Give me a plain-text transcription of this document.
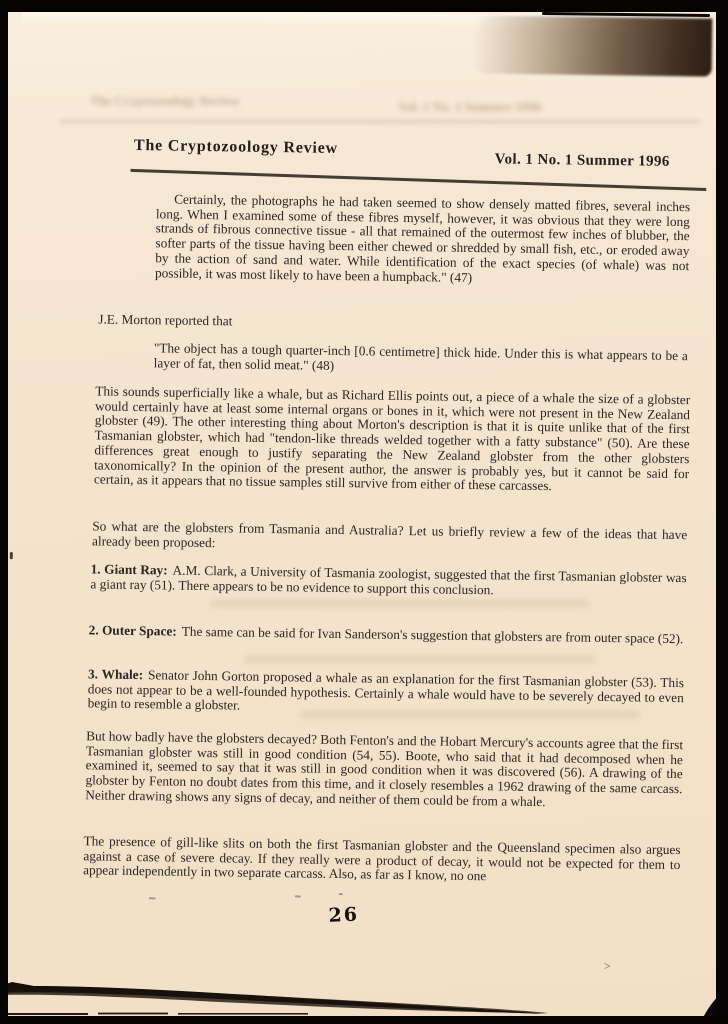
The Cryptozoology Review	Vol. 1 No. 1 Summer 1996
The Cryptozoology Review
Vol. 1 No. 1 Summer 1996
Certainly, the photographs he had taken seemed to show densely matted fibres, several inches long. When I examined some of these fibres myself, however, it was obvious that they were long strands of fibrous connective tissue - all that remained of the outermost few inches of blubber, the softer parts of the tissue having been either chewed or shredded by small fish, etc., or eroded away by the action of sand and water. While identification of the exact species (of whale) was not possible, it was most likely to have been a humpback." (47)
J.E. Morton reported that
"The object has a tough quarter-inch [0.6 centimetre] thick hide. Under this is what appears to be a layer of fat, then solid meat." (48)
This sounds superficially like a whale, but as Richard Ellis points out, a piece of a whale the size of a globster would certainly have at least some internal organs or bones in it, which were not present in the New Zealand globster (49). The other interesting thing about Morton's description is that it is quite unlike that of the first Tasmanian globster, which had "tendon-like threads welded together with a fatty substance" (50). Are these differences great enough to justify separating the New Zealand globster from the other globsters taxonomically? In the opinion of the present author, the answer is probably yes, but it cannot be said for certain, as it appears that no tissue samples still survive from either of these carcasses.
So what are the globsters from Tasmania and Australia? Let us briefly review a few of the ideas that have already been proposed:
1. Giant Ray: A.M. Clark, a University of Tasmania zoologist, suggested that the first Tasmanian globster was a giant ray (51). There appears to be no evidence to support this conclusion.
2. Outer Space: The same can be said for Ivan Sanderson's suggestion that globsters are from outer space (52).
3. Whale: Senator John Gorton proposed a whale as an explanation for the first Tasmanian globster (53). This does not appear to be a well-founded hypothesis. Certainly a whale would have to be severely decayed to even begin to resemble a globster.
But how badly have the globsters decayed? Both Fenton's and the Hobart Mercury's accounts agree that the first Tasmanian globster was still in good condition (54, 55). Boote, who said that it had decomposed when he examined it, seemed to say that it was still in good condition when it was discovered (56). A drawing of the globster by Fenton no doubt dates from this time, and it closely resembles a 1962 drawing of the same carcass. Neither drawing shows any signs of decay, and neither of them could be from a whale.
The presence of gill-like slits on both the first Tasmanian globster and the Queensland specimen also argues against a case of severe decay. If they really were a product of decay, it would not be expected for them to appear independently in two separate carcass. Also, as far as I know, no one
26
>
